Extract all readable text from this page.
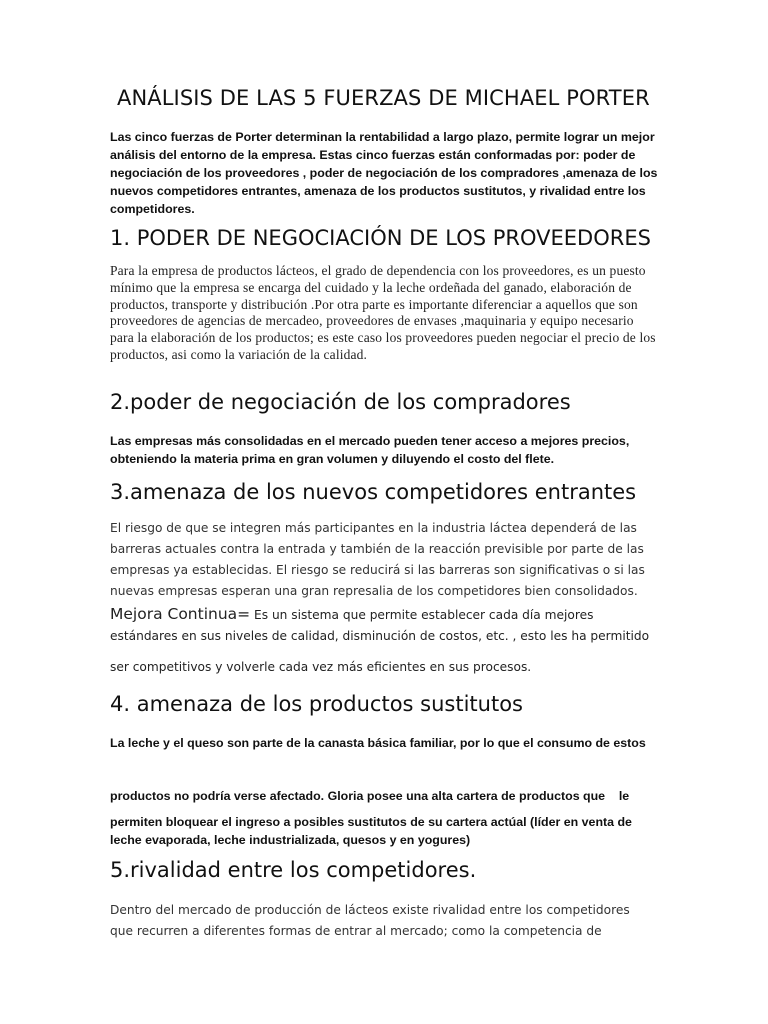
ANÁLISIS DE LAS 5 FUERZAS DE MICHAEL PORTER

Las cinco fuerzas de Porter determinan la rentabilidad a largo plazo, permite lograr un mejor análisis del entorno de la empresa. Estas cinco fuerzas están conformadas por: poder de negociación de los proveedores , poder de negociación de los compradores ,amenaza de los nuevos competidores entrantes, amenaza de los productos sustitutos, y rivalidad entre los competidores.

1. PODER DE NEGOCIACIÓN DE LOS PROVEEDORES

Para la empresa de productos lácteos, el grado de dependencia con los proveedores, es un puesto mínimo que la empresa se encarga del cuidado y la leche ordeñada del ganado, elaboración de productos, transporte y distribución .Por otra parte es importante diferenciar a aquellos que son proveedores de agencias de mercadeo, proveedores de envases ,maquinaria y equipo necesario para la elaboración de los productos; es este caso los proveedores pueden negociar el precio de los productos, asi como la variación de la calidad.

2.poder de negociación de los compradores

Las empresas más consolidadas en el mercado pueden tener acceso a mejores precios, obteniendo la materia prima en gran volumen y diluyendo el costo del flete.

3.amenaza de los nuevos competidores entrantes

El riesgo de que se integren más participantes en la industria láctea dependerá de las barreras actuales contra la entrada y también de la reacción previsible por parte de las empresas ya establecidas. El riesgo se reducirá si las barreras son significativas o si las nuevas empresas esperan una gran represalia de los competidores bien consolidados.

Mejora Continua= Es un sistema que permite establecer cada día mejores estándares en sus niveles de calidad, disminución de costos, etc. , esto les ha permitido

ser competitivos y volverle cada vez más eficientes en sus procesos.

4. amenaza de los productos sustitutos

La leche y el queso son parte de la canasta básica familiar, por lo que el consumo de estos

productos no podría verse afectado. Gloria posee una alta cartera de productos que    le

permiten bloquear el ingreso a posibles sustitutos de su cartera actúal (líder en venta de leche evaporada, leche industrializada, quesos y en yogures)

5.rivalidad entre los competidores.

Dentro del mercado de producción de lácteos existe rivalidad entre los competidores que recurren a diferentes formas de entrar al mercado; como la competencia de
